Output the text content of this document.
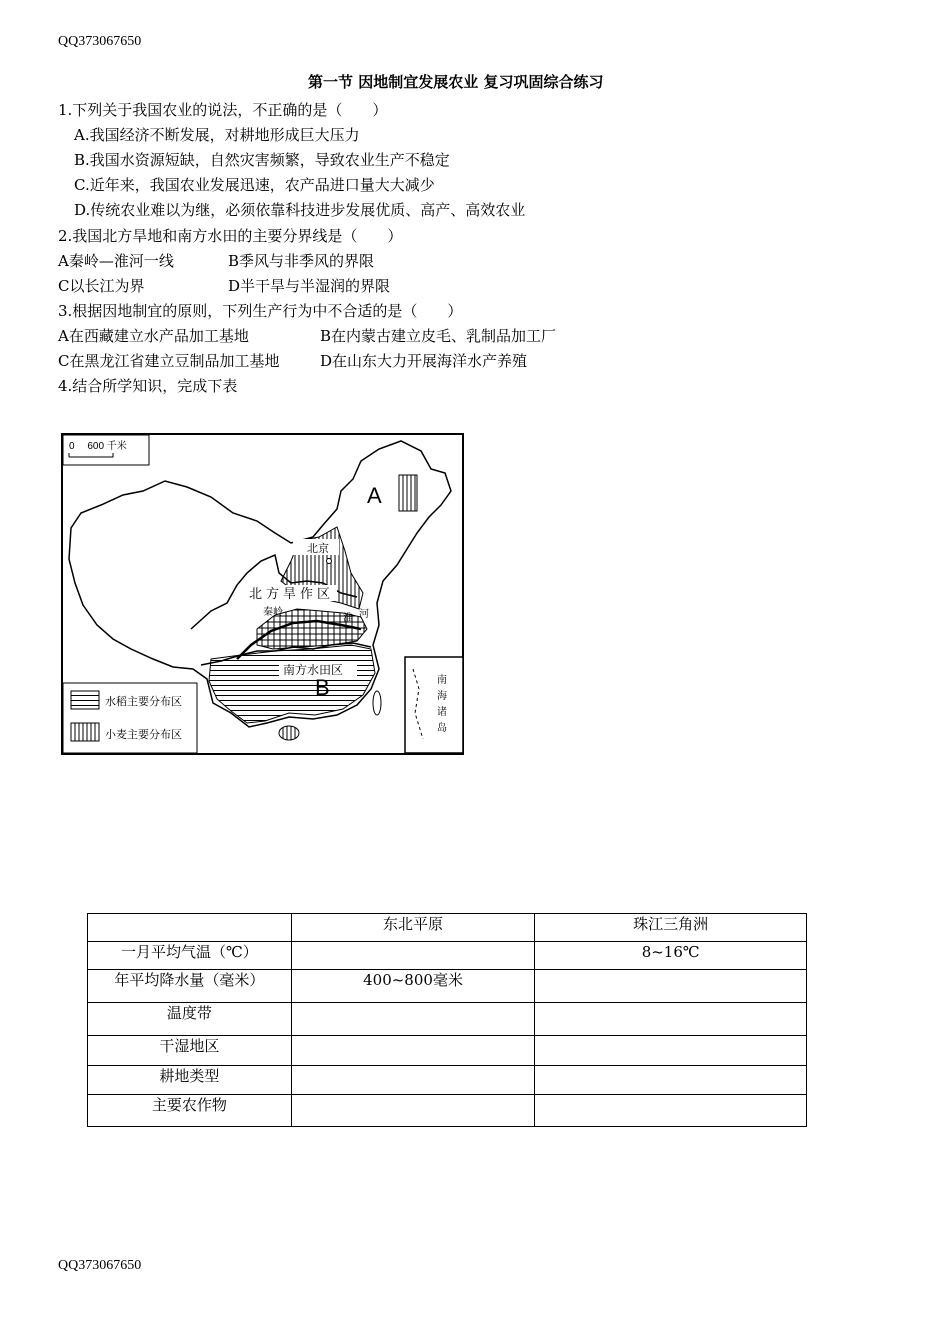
QQ373067650
第一节 因地制宜发展农业 复习巩固综合练习
1.下列关于我国农业的说法，不正确的是（　　）
A.我国经济不断发展，对耕地形成巨大压力
B.我国水资源短缺，自然灾害频繁，导致农业生产不稳定
C.近年来，我国农业发展迅速，农产品进口量大大减少
D.传统农业难以为继，必须依靠科技进步发展优质、高产、高效农业
2.我国北方旱地和南方水田的主要分界线是（　　）
A秦岭—淮河一线	B季风与非季风的界限
C以长江为界	D半干旱与半湿润的界限
3.根据因地制宜的原则，下列生产行为中不合适的是（　　）
A在西藏建立水产品加工基地	B在内蒙古建立皮毛、乳制品加工厂
C在黑龙江省建立豆制品加工基地	D在山东大力开展海洋水产养殖
4.结合所学知识，完成下表
0　 600 千米
北京
北方旱作区
秦岭
淮 河
南方水田区
A
B
水稻主要分布区
小麦主要分布区
南
海
诸
岛
	东北平原	珠江三角洲
一月平均气温（℃）		8~16℃
年平均降水量（毫米）	400~800毫米	
温度带		
干湿地区		
耕地类型		
主要农作物		
QQ373067650
